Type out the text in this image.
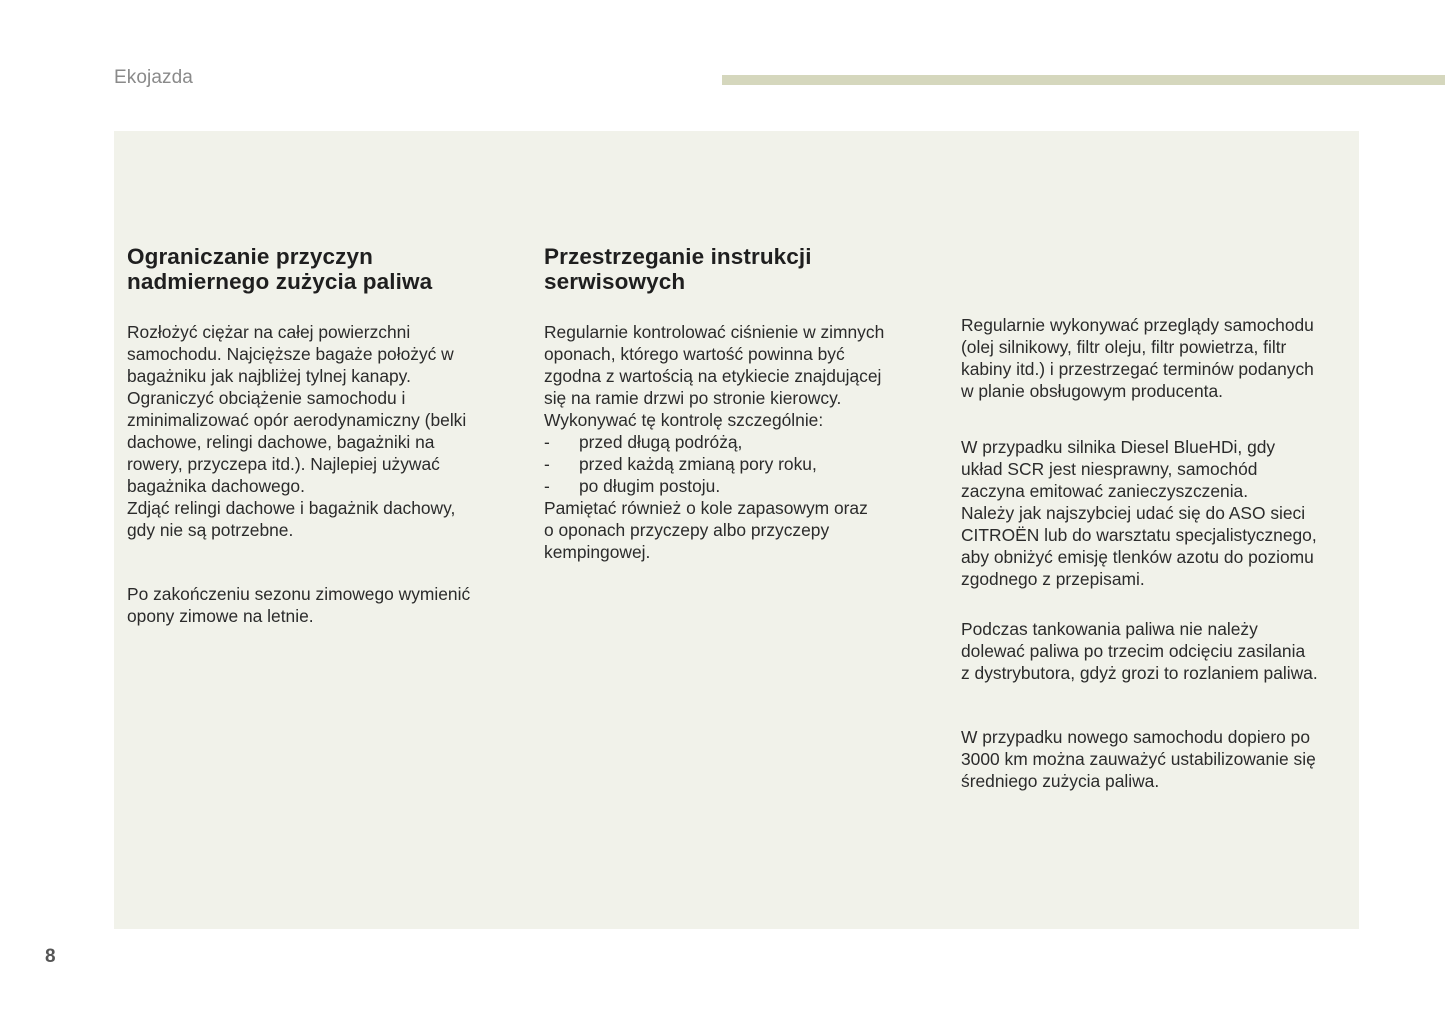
Ekojazda
Ograniczanie przyczyn
nadmiernego zużycia paliwa

Rozłożyć ciężar na całej powierzchni
samochodu. Najcięższe bagaże położyć w
bagażniku jak najbliżej tylnej kanapy.
Ograniczyć obciążenie samochodu i
zminimalizować opór aerodynamiczny (belki
dachowe, relingi dachowe, bagażniki na
rowery, przyczepa itd.). Najlepiej używać
bagażnika dachowego.
Zdjąć relingi dachowe i bagażnik dachowy,
gdy nie są potrzebne.

Po zakończeniu sezonu zimowego wymienić
opony zimowe na letnie.

Przestrzeganie instrukcji
serwisowych

Regularnie kontrolować ciśnienie w zimnych
oponach, którego wartość powinna być
zgodna z wartością na etykiecie znajdującej
się na ramie drzwi po stronie kierowcy.
Wykonywać tę kontrolę szczególnie:

- przed długą podróżą,
- przed każdą zmianą pory roku,
- po długim postoju.

Pamiętać również o kole zapasowym oraz
o oponach przyczepy albo przyczepy
kempingowej.

Regularnie wykonywać przeglądy samochodu
(olej silnikowy, filtr oleju, filtr powietrza, filtr
kabiny itd.) i przestrzegać terminów podanych
w planie obsługowym producenta.

W przypadku silnika Diesel BlueHDi, gdy
układ SCR jest niesprawny, samochód
zaczyna emitować zanieczyszczenia.
Należy jak najszybciej udać się do ASO sieci
CITROËN lub do warsztatu specjalistycznego,
aby obniżyć emisję tlenków azotu do poziomu
zgodnego z przepisami.

Podczas tankowania paliwa nie należy
dolewać paliwa po trzecim odcięciu zasilania
z dystrybutora, gdyż grozi to rozlaniem paliwa.

W przypadku nowego samochodu dopiero po
3000 km można zauważyć ustabilizowanie się
średniego zużycia paliwa.

8
